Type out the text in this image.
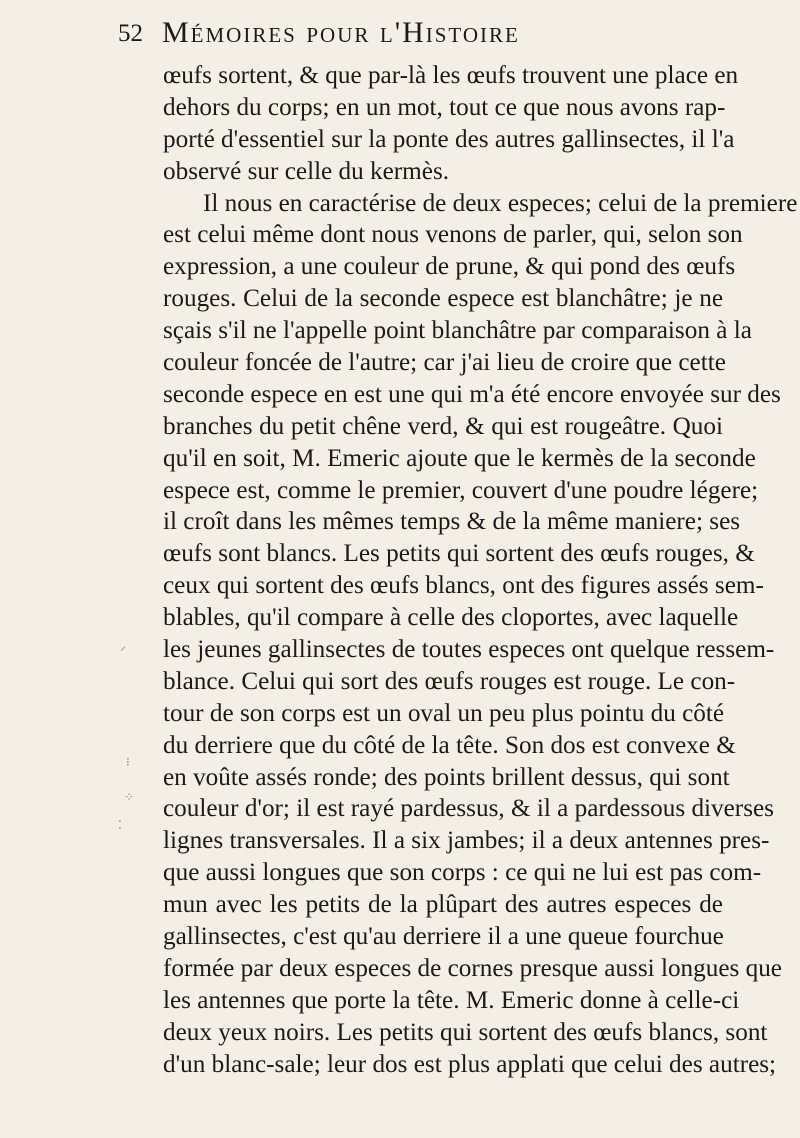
52 Mémoires pour l'Histoire
⸍
⁝
⁘
⁚
œufs sortent, & que par-là les œufs trouvent une place en
dehors du corps; en un mot, tout ce que nous avons rap-
porté d'essentiel sur la ponte des autres gallinsectes, il l'a
observé sur celle du kermès.
Il nous en caractérise de deux especes; celui de la premiere
est celui même dont nous venons de parler, qui, selon son
expression, a une couleur de prune, & qui pond des œufs
rouges. Celui de la seconde espece est blanchâtre; je ne
sçais s'il ne l'appelle point blanchâtre par comparaison à la
couleur foncée de l'autre; car j'ai lieu de croire que cette
seconde espece en est une qui m'a été encore envoyée sur des
branches du petit chêne verd, & qui est rougeâtre. Quoi
qu'il en soit, M. Emeric ajoute que le kermès de la seconde
espece est, comme le premier, couvert d'une poudre légere;
il croît dans les mêmes temps & de la même maniere; ses
œufs sont blancs. Les petits qui sortent des œufs rouges, &
ceux qui sortent des œufs blancs, ont des figures assés sem-
blables, qu'il compare à celle des cloportes, avec laquelle
les jeunes gallinsectes de toutes especes ont quelque ressem-
blance. Celui qui sort des œufs rouges est rouge. Le con-
tour de son corps est un oval un peu plus pointu du côté
du derriere que du côté de la tête. Son dos est convexe &
en voûte assés ronde; des points brillent dessus, qui sont
couleur d'or; il est rayé pardessus, & il a pardessous diverses
lignes transversales. Il a six jambes; il a deux antennes pres-
que aussi longues que son corps : ce qui ne lui est pas com-
mun avec les petits de la plûpart des autres especes de
gallinsectes, c'est qu'au derriere il a une queue fourchue
formée par deux especes de cornes presque aussi longues que
les antennes que porte la tête. M. Emeric donne à celle-ci
deux yeux noirs. Les petits qui sortent des œufs blancs, sont
d'un blanc-sale; leur dos est plus applati que celui des autres;
